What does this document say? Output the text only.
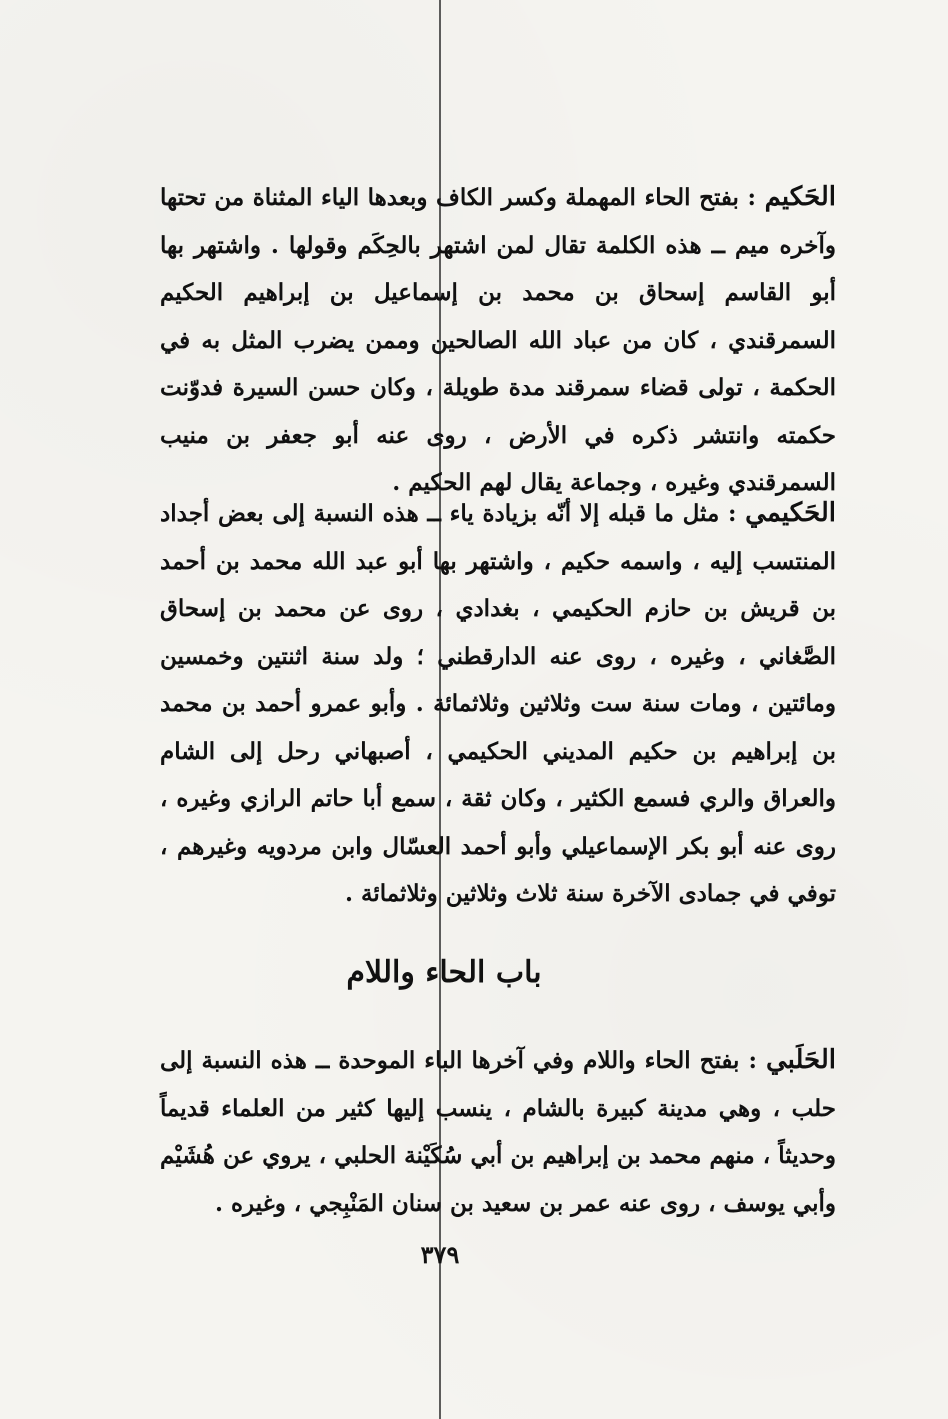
الحَكيم : بفتح الحاء المهملة وكسر الكاف وبعدها الياء المثناة من تحتها وآخره ميم ــ هذه الكلمة تقال لمن اشتهر بالحِكَم وقولها . واشتهر بها أبو القاسم إسحاق بن محمد بن إسماعيل بن إبراهيم الحكيم السمرقندي ، كان من عباد الله الصالحين وممن يضرب المثل به في الحكمة ، تولى قضاء سمرقند مدة طويلة ، وكان حسن السيرة فدوّنت حكمته وانتشر ذكره في الأرض ، روى عنه أبو جعفر بن منيب السمرقندي وغيره ، وجماعة يقال لهم الحكيم .

الحَكيمي : مثل ما قبله إلا أنّه بزيادة ياء ــ هذه النسبة إلى بعض أجداد المنتسب إليه ، واسمه حكيم ، واشتهر بها أبو عبد الله محمد بن أحمد بن قريش بن حازم الحكيمي ، بغدادي ، روى عن محمد بن إسحاق الصَّغاني ، وغيره ، روى عنه الدارقطني ؛ ولد سنة اثنتين وخمسين ومائتين ، ومات سنة ست وثلاثين وثلاثمائة . وأبو عمرو أحمد بن محمد بن إبراهيم بن حكيم المديني الحكيمي ، أصبهاني رحل إلى الشام والعراق والري فسمع الكثير ، وكان ثقة ، سمع أبا حاتم الرازي وغيره ، روى عنه أبو بكر الإسماعيلي وأبو أحمد العسّال وابن مردويه وغيرهم ، توفي في جمادى الآخرة سنة ثلاث وثلاثين وثلاثمائة .

باب الحاء واللام

الحَلَبي : بفتح الحاء واللام وفي آخرها الباء الموحدة ــ هذه النسبة إلى حلب ، وهي مدينة كبيرة بالشام ، ينسب إليها كثير من العلماء قديماً وحديثاً ، منهم محمد بن إبراهيم بن أبي سُكَيْنة الحلبي ، يروي عن هُشَيْم وأبي يوسف ، روى عنه عمر بن سعيد بن سنان المَنْبِجي ، وغيره .

٣٧٩
